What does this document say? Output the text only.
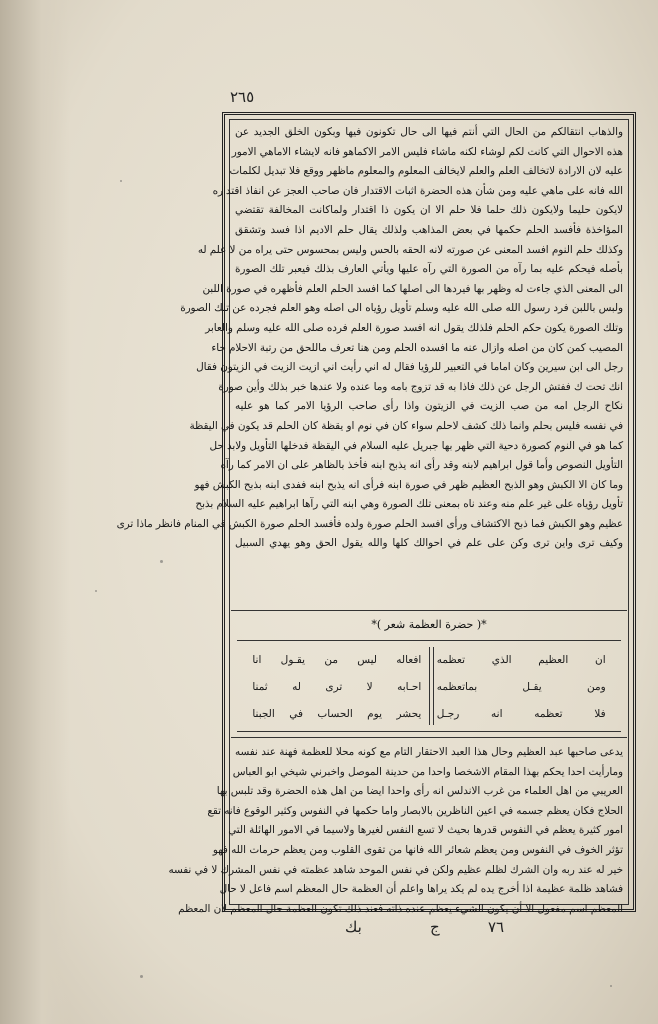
٢٦٥
والذهاب انتقالكم من الحال التي أنتم فيها الى حال تكونون فيها وبكون الخلق الجديد عن
هذه الاحوال التي كانت لكم لوشاء لكنه ماشاء فليس الامر الاكماهو فانه لايشاء الاماهي الامور
عليه لان الارادة لاتخالف العلم والعلم لايخالف المعلوم والمعلوم ماظهر ووقع فلا تبديل لكلمات
الله فانه على ماهي عليه ومن شأن هذه الحضرة اثبات الاقتدار فان صاحب العجز عن انفاذ اقتداره
لايكون حليما ولايكون ذلك حلما فلا حلم الا ان يكون ذا اقتدار ولماكانت المخالفة تقتضي
المؤاخذة فأفسد الحلم حكمها في بعض المذاهب ولذلك يقال حلم الاديم اذا فسد وتشقق
وكذلك حلم النوم افسد المعنى عن صورته لانه الحقه بالحس وليس بمحسوس حتى يراه من لا علم له
بأصله فيحكم عليه بما رآه من الصورة التي رآه عليها ويأتي العارف بذلك فيعبر تلك الصورة
الى المعنى الذي جاءت له وظهر بها فيردها الى اصلها كما افسد الحلم العلم فأظهره في صورة اللبن
ولبس باللبن فرد رسول الله صلى الله عليه وسلم تأويل رؤياه الى اصله وهو العلم فجرده عن تلك الصورة
وتلك الصورة يكون حكم الحلم فلذلك يقول انه افسد صورة العلم فرده صلى الله عليه وسلم والعابر
المصيب كمن كان من اصله وازال عنه ما افسده الحلم ومن هنا تعرف ماللحق من رتبة الاحلام جاء
رجل الى ابن سيرين وكان اماما في التعبير للرؤيا فقال له اني رأيت اني ازيت الزيت في الزيتون فقال
انك تحت ك ففتش الرجل عن ذلك فاذا به قد تزوج بامه وما عنده ولا عندها خبر بذلك وأين صورة
نكاح الرجل امه من صب الزيت في الزيتون واذا رأى صاحب الرؤيا الامر كما هو عليه
في نفسه فليس بحلم وانما ذلك كشف لاحلم سواء كان في نوم او يقظة كان الحلم قد يكون في اليقظة
كما هو في النوم كصورة دحية التي ظهر بها جبريل عليه السلام في اليقظة فدخلها التأويل ولابد حل
التأويل النصوص وأما قول ابراهيم لابنه وقد رأى انه يذبح ابنه فأخذ بالظاهر على ان الامر كما رآه
وما كان الا الكبش وهو الذبح العظيم ظهر في صورة ابنه فرأى انه يذبح ابنه ففدى ابنه بذبح الكبش فهو
تأويل رؤياه على غير علم منه وعند ناه بمعنى تلك الصورة وهي ابنه التي رآها ابراهيم عليه السلام بذبح
عظيم وهو الكبش فما ذبح الاكتشاف ورأى افسد الحلم صورة ولده فأفسد الحلم صورة الكبش في المنام فانظر ماذا ترى
وكيف ترى واين ترى وكن على علم في احوالك كلها والله يقول الحق وهو يهدي السبيل
*( حضرة العظمة شعر )*
ان العظيم الذي تعظمه
ومن يقـل بماتعظمه
فلا تعظمه انه رجـل
افعاله ليس من يقـول انا
احـابه لا ترى له ثمنا
يحشر يوم الحساب في الجبنا
يدعى صاحبها عبد العظيم وحال هذا العبد الاحتقار التام مع كونه محلا للعظمة فهنة عند نفسه
ومارأيت احدا يحكم بهذا المقام الاشخصا واحدا من حدينة الموصل واخبرني شيخي ابو العباس
العريبي من اهل العلماء من غرب الاندلس انه رأى واحدا ايضا من اهل هذه الحضرة وقد تلبس بها
الحلاج فكان يعظم جسمه في اعين الناظرين بالابصار واما حكمها في النفوس وكثير الوقوع فانه تقع
امور كثيرة يعظم في النفوس قدرها بحيث لا تسع النفس لغيرها ولاسيما في الامور الهائلة التي
تؤثر الخوف في النفوس ومن يعظم شعائر الله فانها من تقوى القلوب ومن يعظم حرمات الله فهو
خير له عند ربه وان الشرك لظلم عظيم ولكن في نفس الموحد شاهد عظمته في نفس المشرك لا في نفسه
فشاهد ظلمة عظيمة اذا أخرج يده لم يكد يراها واعلم أن العظمة حال المعظم اسم فاعل لا حال
المعظم اسم مفعول الا أن يكون الشيء يعظم عنده ذاته فعند ذلك تكون العظمة حال المعظم لان المعظم
بك	ج	٧٦
